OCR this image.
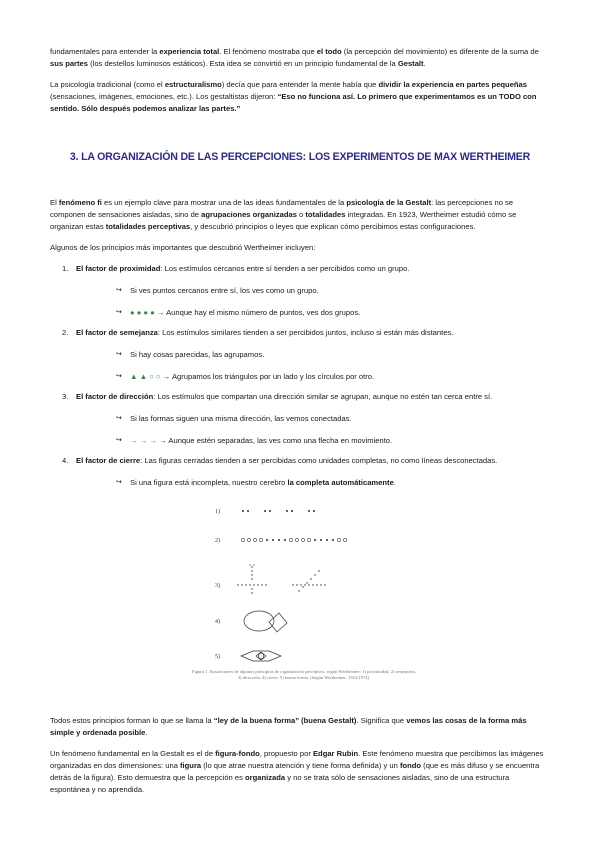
fundamentales para entender la experiencia total. El fenómeno mostraba que el todo (la percepción del movimiento) es diferente de la suma de sus partes (los destellos luminosos estáticos). Esta idea se convirtió en un principio fundamental de la Gestalt.

La psicología tradicional (como el estructuralismo) decía que para entender la mente había que dividir la experiencia en partes pequeñas (sensaciones, imágenes, emociones, etc.). Los gestaltistas dijeron: “Eso no funciona así. Lo primero que experimentamos es un TODO con sentido. Sólo después podemos analizar las partes.”

3. LA ORGANIZACIÓN DE LAS PERCEPCIONES: LOS EXPERIMENTOS DE MAX WERTHEIMER

El fenómeno fi es un ejemplo clave para mostrar una de las ideas fundamentales de la psicología de la Gestalt: las percepciones no se componen de sensaciones aisladas, sino de agrupaciones organizadas o totalidades integradas. En 1923, Wertheimer estudió cómo se organizan estas totalidades perceptivas, y descubrió principios o leyes que explican cómo percibimos estas configuraciones.

Algunos de los principios más importantes que descubrió Wertheimer incluyen:

1. El factor de proximidad: Los estímulos cercanos entre sí tienden a ser percibidos como un grupo.
↪ Si ves puntos cercanos entre sí, los ves como un grupo.
↪ ● ● ● ● → Aunque hay el mismo número de puntos, ves dos grupos.
2. El factor de semejanza: Los estímulos similares tienden a ser percibidos juntos, incluso si están más distantes.
↪ Si hay cosas parecidas, las agrupamos.
↪ ▲ ▲ ○ ○ → Agrupamos los triángulos por un lado y los círculos por otro.
3. El factor de dirección: Los estímulos que compartan una dirección similar se agrupan, aunque no estén tan cerca entre sí.
↪ Si las formas siguen una misma dirección, las vemos conectadas.
↪ → → → → Aunque estén separadas, las ves como una flecha en movimiento.
4. El factor de cierre: Las figuras cerradas tienden a ser percibidas como unidades completas, no como líneas desconectadas.
↪ Si una figura está incompleta, nuestro cerebro la completa automáticamente.
1)
2)
3)
4)
5)
Figura 1. Ilustraciones de algunos principios de organización perceptiva, según Wertheimer: 1) proximidad, 2) semejanza, 3) dirección, 4) cierre, 5) buena forma. (Según Wertheimer, 1923/1974).

Todos estos principios forman lo que se llama la “ley de la buena forma” (buena Gestalt). Significa que vemos las cosas de la forma más simple y ordenada posible.

Un fenómeno fundamental en la Gestalt es el de figura-fondo, propuesto por Edgar Rubin. Este fenómeno muestra que percibimos las imágenes organizadas en dos dimensiones: una figura (lo que atrae nuestra atención y tiene forma definida) y un fondo (que es más difuso y se encuentra detrás de la figura). Esto demuestra que la percepción es organizada y no se trata sólo de sensaciones aisladas, sino de una estructura espontánea y no aprendida.
